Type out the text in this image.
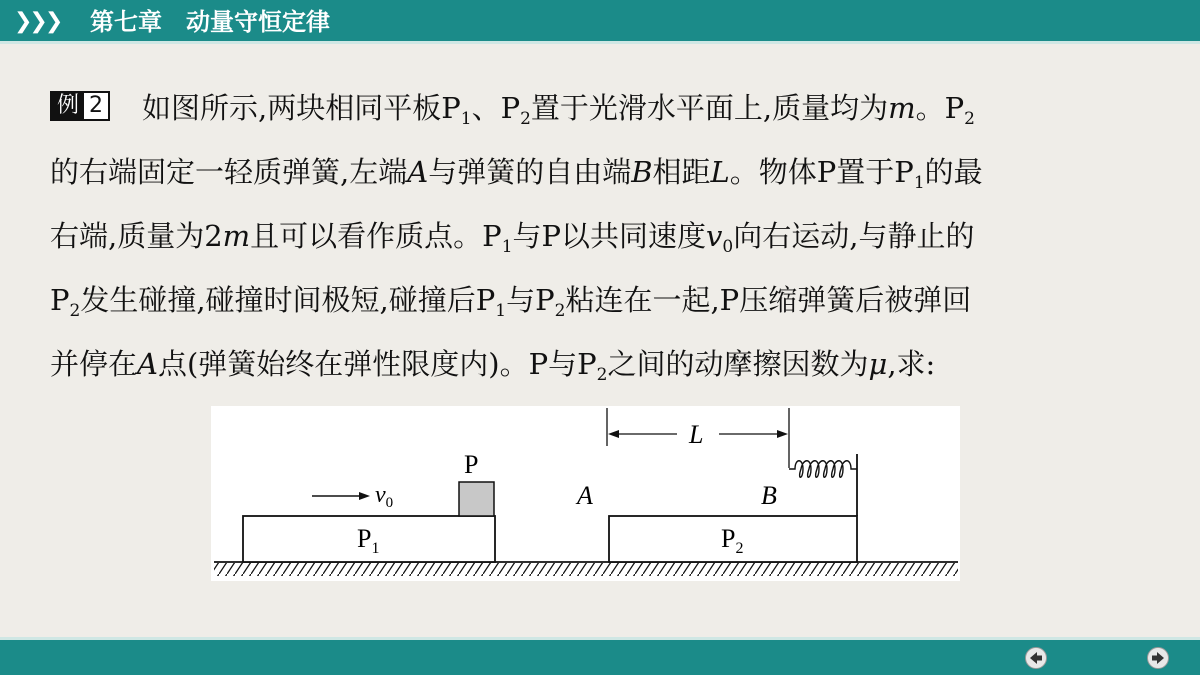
❯❯❯ 第七章　动量守恒定律
例 2 如图所示,两块相同平板$P_1$、$P_2$置于光滑水平面上,质量均为m。$P_2$
的右端固定一轻质弹簧,左端A与弹簧的自由端B相距L。物体P置于$P_1$的最
右端,质量为2m且可以看作质点。$P_1$与P以共同速度$v_0$向右运动,与静止的
$P_2$发生碰撞,碰撞时间极短,碰撞后$P_1$与$P_2$粘连在一起,P压缩弹簧后被弹回
并停在A点(弹簧始终在弹性限度内)。P与$P_2$之间的动摩擦因数为μ,求:
P
$v_0$
$P_1$
A
L
B
$P_2$
